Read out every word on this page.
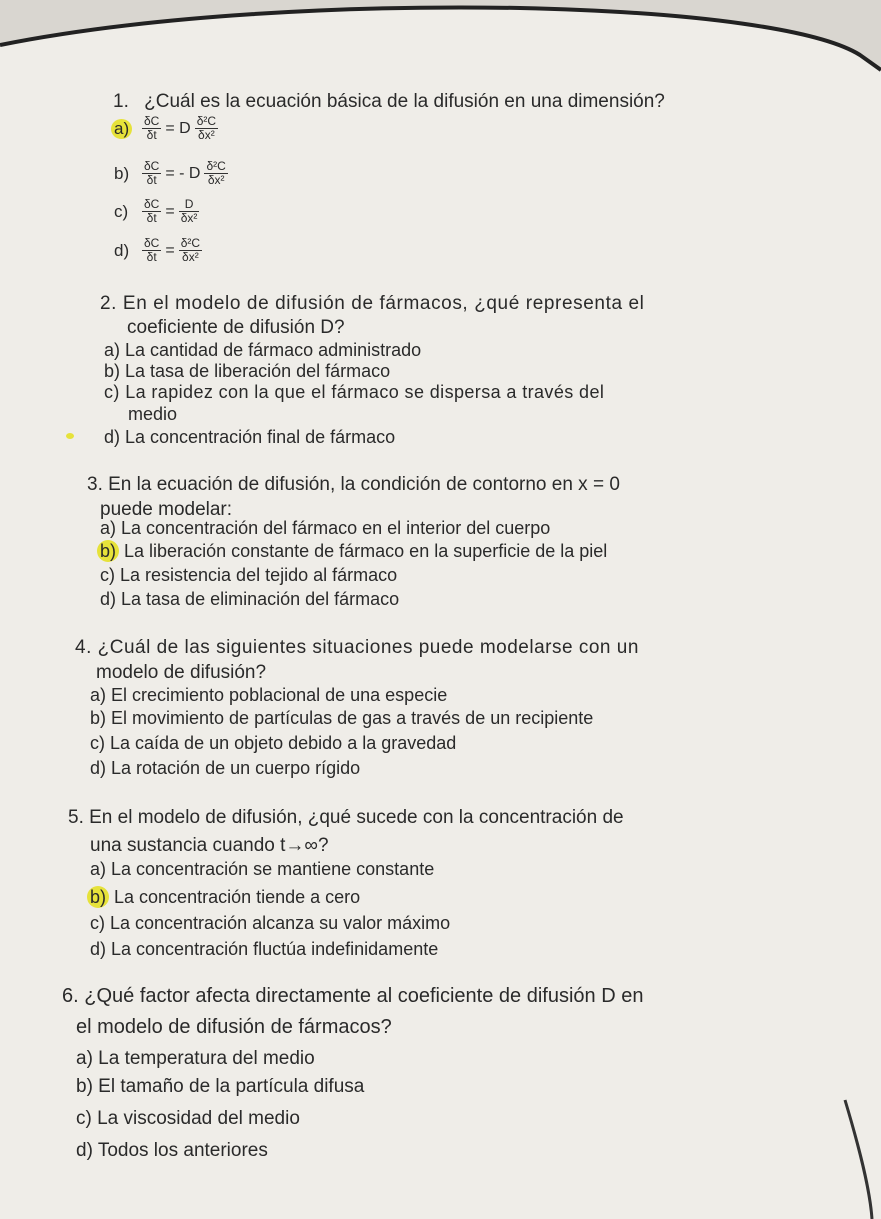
1. ¿Cuál es la ecuación básica de la difusión en una dimensión?
a)	$\frac{\delta C}{\delta t} = D \frac{\text{δ²C}}{\text{δx²}}$
b)	$\frac{\delta C}{\delta t}$ = - D $\frac{\text{δ²C}}{\text{δx²}}$
c)	$\frac{\delta C}{\delta t} = \frac{D}{\text{δx²}}$
d)	$\frac{\delta C}{\delta t} = \frac{\text{δ²C}}{\text{δx²}}$
2. En el modelo de difusión de fármacos, ¿qué representa el
coeficiente de difusión D?
a) La cantidad de fármaco administrado
b) La tasa de liberación del fármaco
c) La rapidez con la que el fármaco se dispersa a través del
medio
d) La concentración final de fármaco
3. En la ecuación de difusión, la condición de contorno en x = 0
puede modelar:
a) La concentración del fármaco en el interior del cuerpo
b) La liberación constante de fármaco en la superficie de la piel
c) La resistencia del tejido al fármaco
d) La tasa de eliminación del fármaco
4. ¿Cuál de las siguientes situaciones puede modelarse con un
modelo de difusión?
a) El crecimiento poblacional de una especie
b) El movimiento de partículas de gas a través de un recipiente
c) La caída de un objeto debido a la gravedad
d) La rotación de un cuerpo rígido
5. En el modelo de difusión, ¿qué sucede con la concentración de
una sustancia cuando t→∞?
a) La concentración se mantiene constante
b) La concentración tiende a cero
c) La concentración alcanza su valor máximo
d) La concentración fluctúa indefinidamente
6. ¿Qué factor afecta directamente al coeficiente de difusión D en
el modelo de difusión de fármacos?
a) La temperatura del medio
b) El tamaño de la partícula difusa
c) La viscosidad del medio
d) Todos los anteriores
